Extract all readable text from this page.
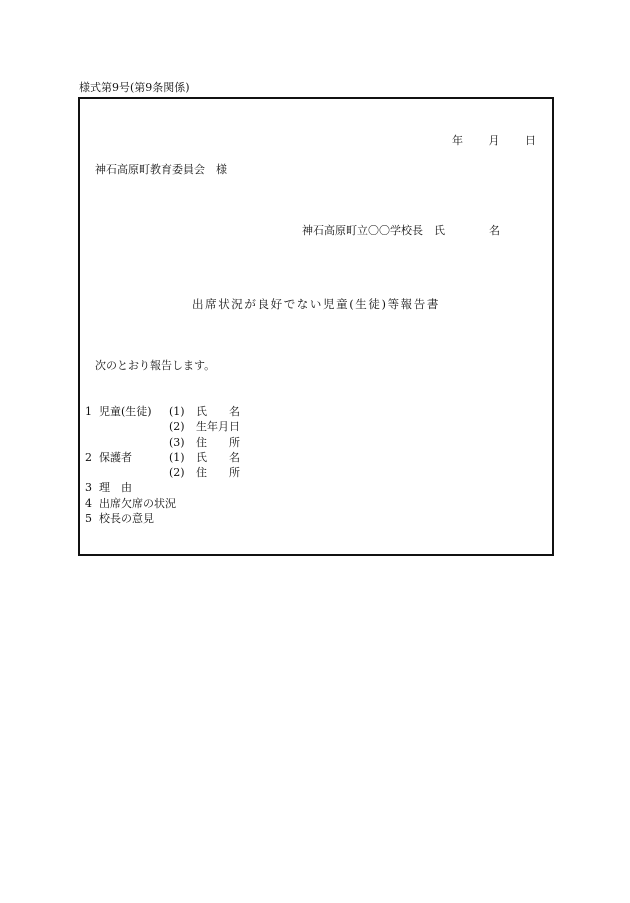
様式第9号(第9条関係)
年 月 日
神石高原町教育委員会　様
神石高原町立〇〇学校長　氏　　　　名
出席状況が良好でない児童(生徒)等報告書
次のとおり報告します。
1 児童(生徒) (1) 氏　　名
(2) 生年月日
(3) 住　　所
2 保護者	(1) 氏　　名
(2) 住　　所
3 理　由
4 出席欠席の状況
5 校長の意見
